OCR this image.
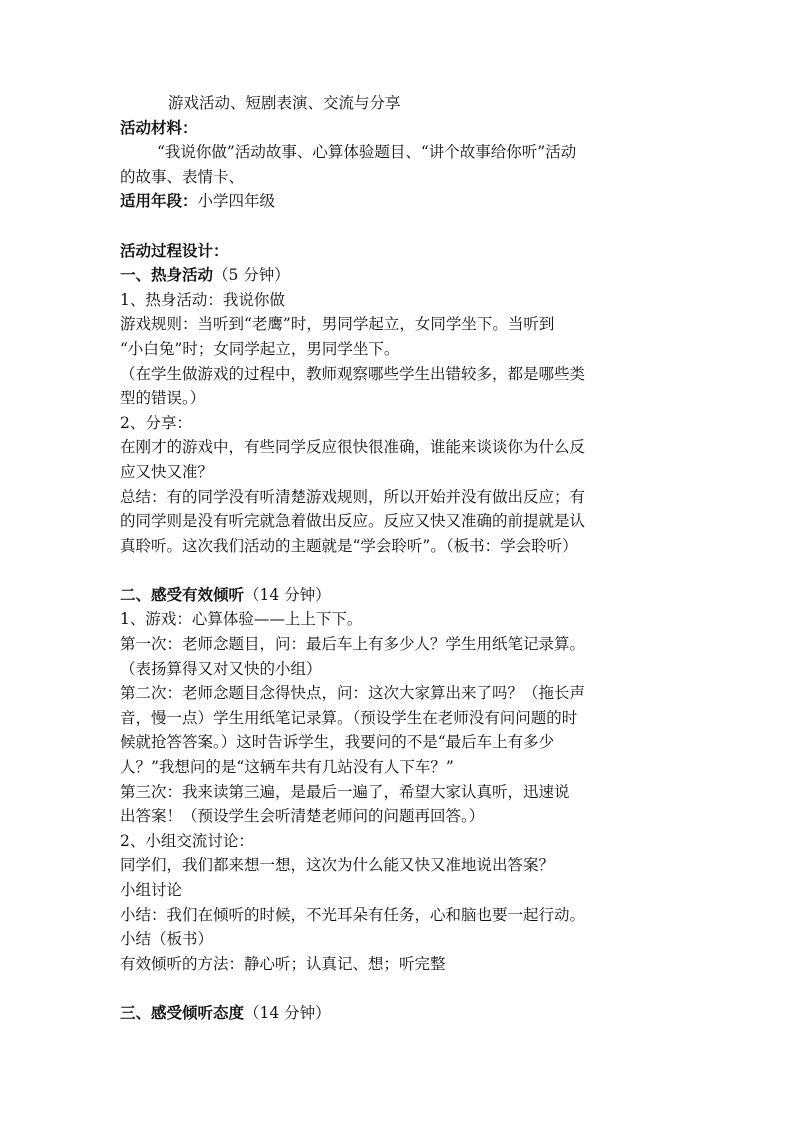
游戏活动、短剧表演、交流与分享
活动材料：
“我说你做”活动故事、心算体验题目、“讲个故事给你听”活动
的故事、表情卡、
适用年段：小学四年级
活动过程设计：
一、热身活动（5 分钟）
1、热身活动：我说你做
游戏规则：当听到“老鹰”时，男同学起立，女同学坐下。当听到
“小白兔”时；女同学起立，男同学坐下。
（在学生做游戏的过程中，教师观察哪些学生出错较多，都是哪些类
型的错误。）
2、分享：
在刚才的游戏中，有些同学反应很快很准确，谁能来谈谈你为什么反
应又快又准？
总结：有的同学没有听清楚游戏规则，所以开始并没有做出反应；有
的同学则是没有听完就急着做出反应。反应又快又准确的前提就是认
真聆听。这次我们活动的主题就是“学会聆听”。（板书：学会聆听）
二、感受有效倾听（14 分钟）
1、游戏：心算体验——上上下下。
第一次：老师念题目，问：最后车上有多少人？学生用纸笔记录算。
（表扬算得又对又快的小组）
第二次：老师念题目念得快点，问：这次大家算出来了吗？（拖长声
音，慢一点）学生用纸笔记录算。（预设学生在老师没有问问题的时
候就抢答答案。）这时告诉学生，我要问的不是“最后车上有多少
人？”我想问的是“这辆车共有几站没有人下车？”
第三次：我来读第三遍，是最后一遍了，希望大家认真听，迅速说
出答案！（预设学生会听清楚老师问的问题再回答。）
2、小组交流讨论：
同学们，我们都来想一想，这次为什么能又快又准地说出答案？
小组讨论
小结：我们在倾听的时候，不光耳朵有任务，心和脑也要一起行动。
小结（板书）
有效倾听的方法：静心听；认真记、想；听完整
三、感受倾听态度（14 分钟）
